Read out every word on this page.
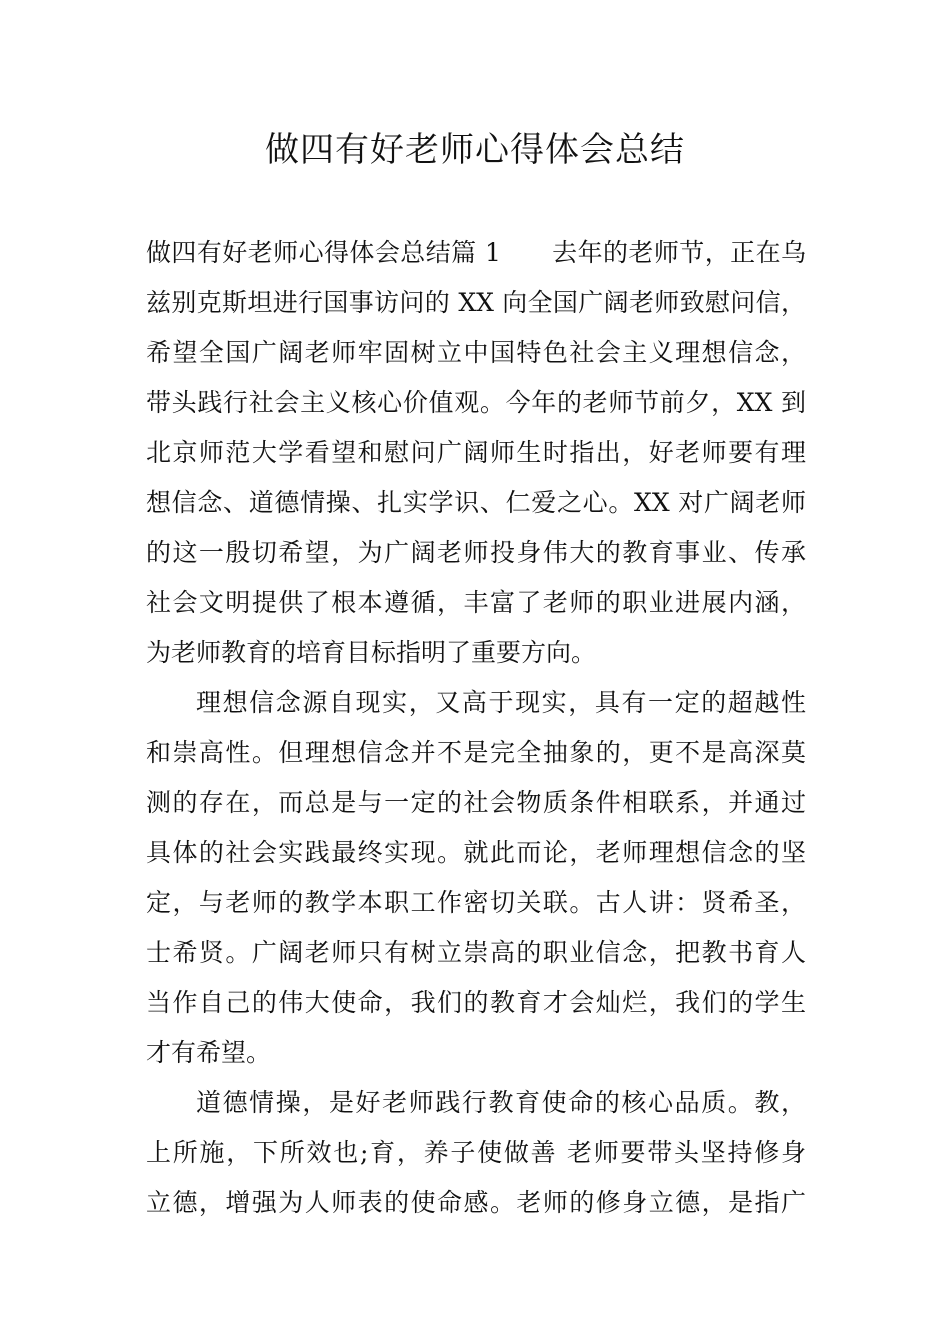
做四有好老师心得体会总结
做四有好老师心得体会总结篇 1　　去年的老师节，正在乌
兹别克斯坦进行国事访问的 XX 向全国广阔老师致慰问信，
希望全国广阔老师牢固树立中国特色社会主义理想信念，
带头践行社会主义核心价值观。今年的老师节前夕，XX 到
北京师范大学看望和慰问广阔师生时指出，好老师要有理
想信念、道德情操、扎实学识、仁爱之心。XX 对广阔老师
的这一殷切希望，为广阔老师投身伟大的教育事业、传承
社会文明提供了根本遵循，丰富了老师的职业进展内涵，
为老师教育的培育目标指明了重要方向。
理想信念源自现实，又高于现实，具有一定的超越性
和崇高性。但理想信念并不是完全抽象的，更不是高深莫
测的存在，而总是与一定的社会物质条件相联系，并通过
具体的社会实践最终实现。就此而论，老师理想信念的坚
定，与老师的教学本职工作密切关联。古人讲：贤希圣，
士希贤。广阔老师只有树立崇高的职业信念，把教书育人
当作自己的伟大使命，我们的教育才会灿烂，我们的学生
才有希望。
道德情操，是好老师践行教育使命的核心品质。教，
上所施，下所效也;育，养子使做善 老师要带头坚持修身
立德，增强为人师表的使命感。老师的修身立德，是指广
